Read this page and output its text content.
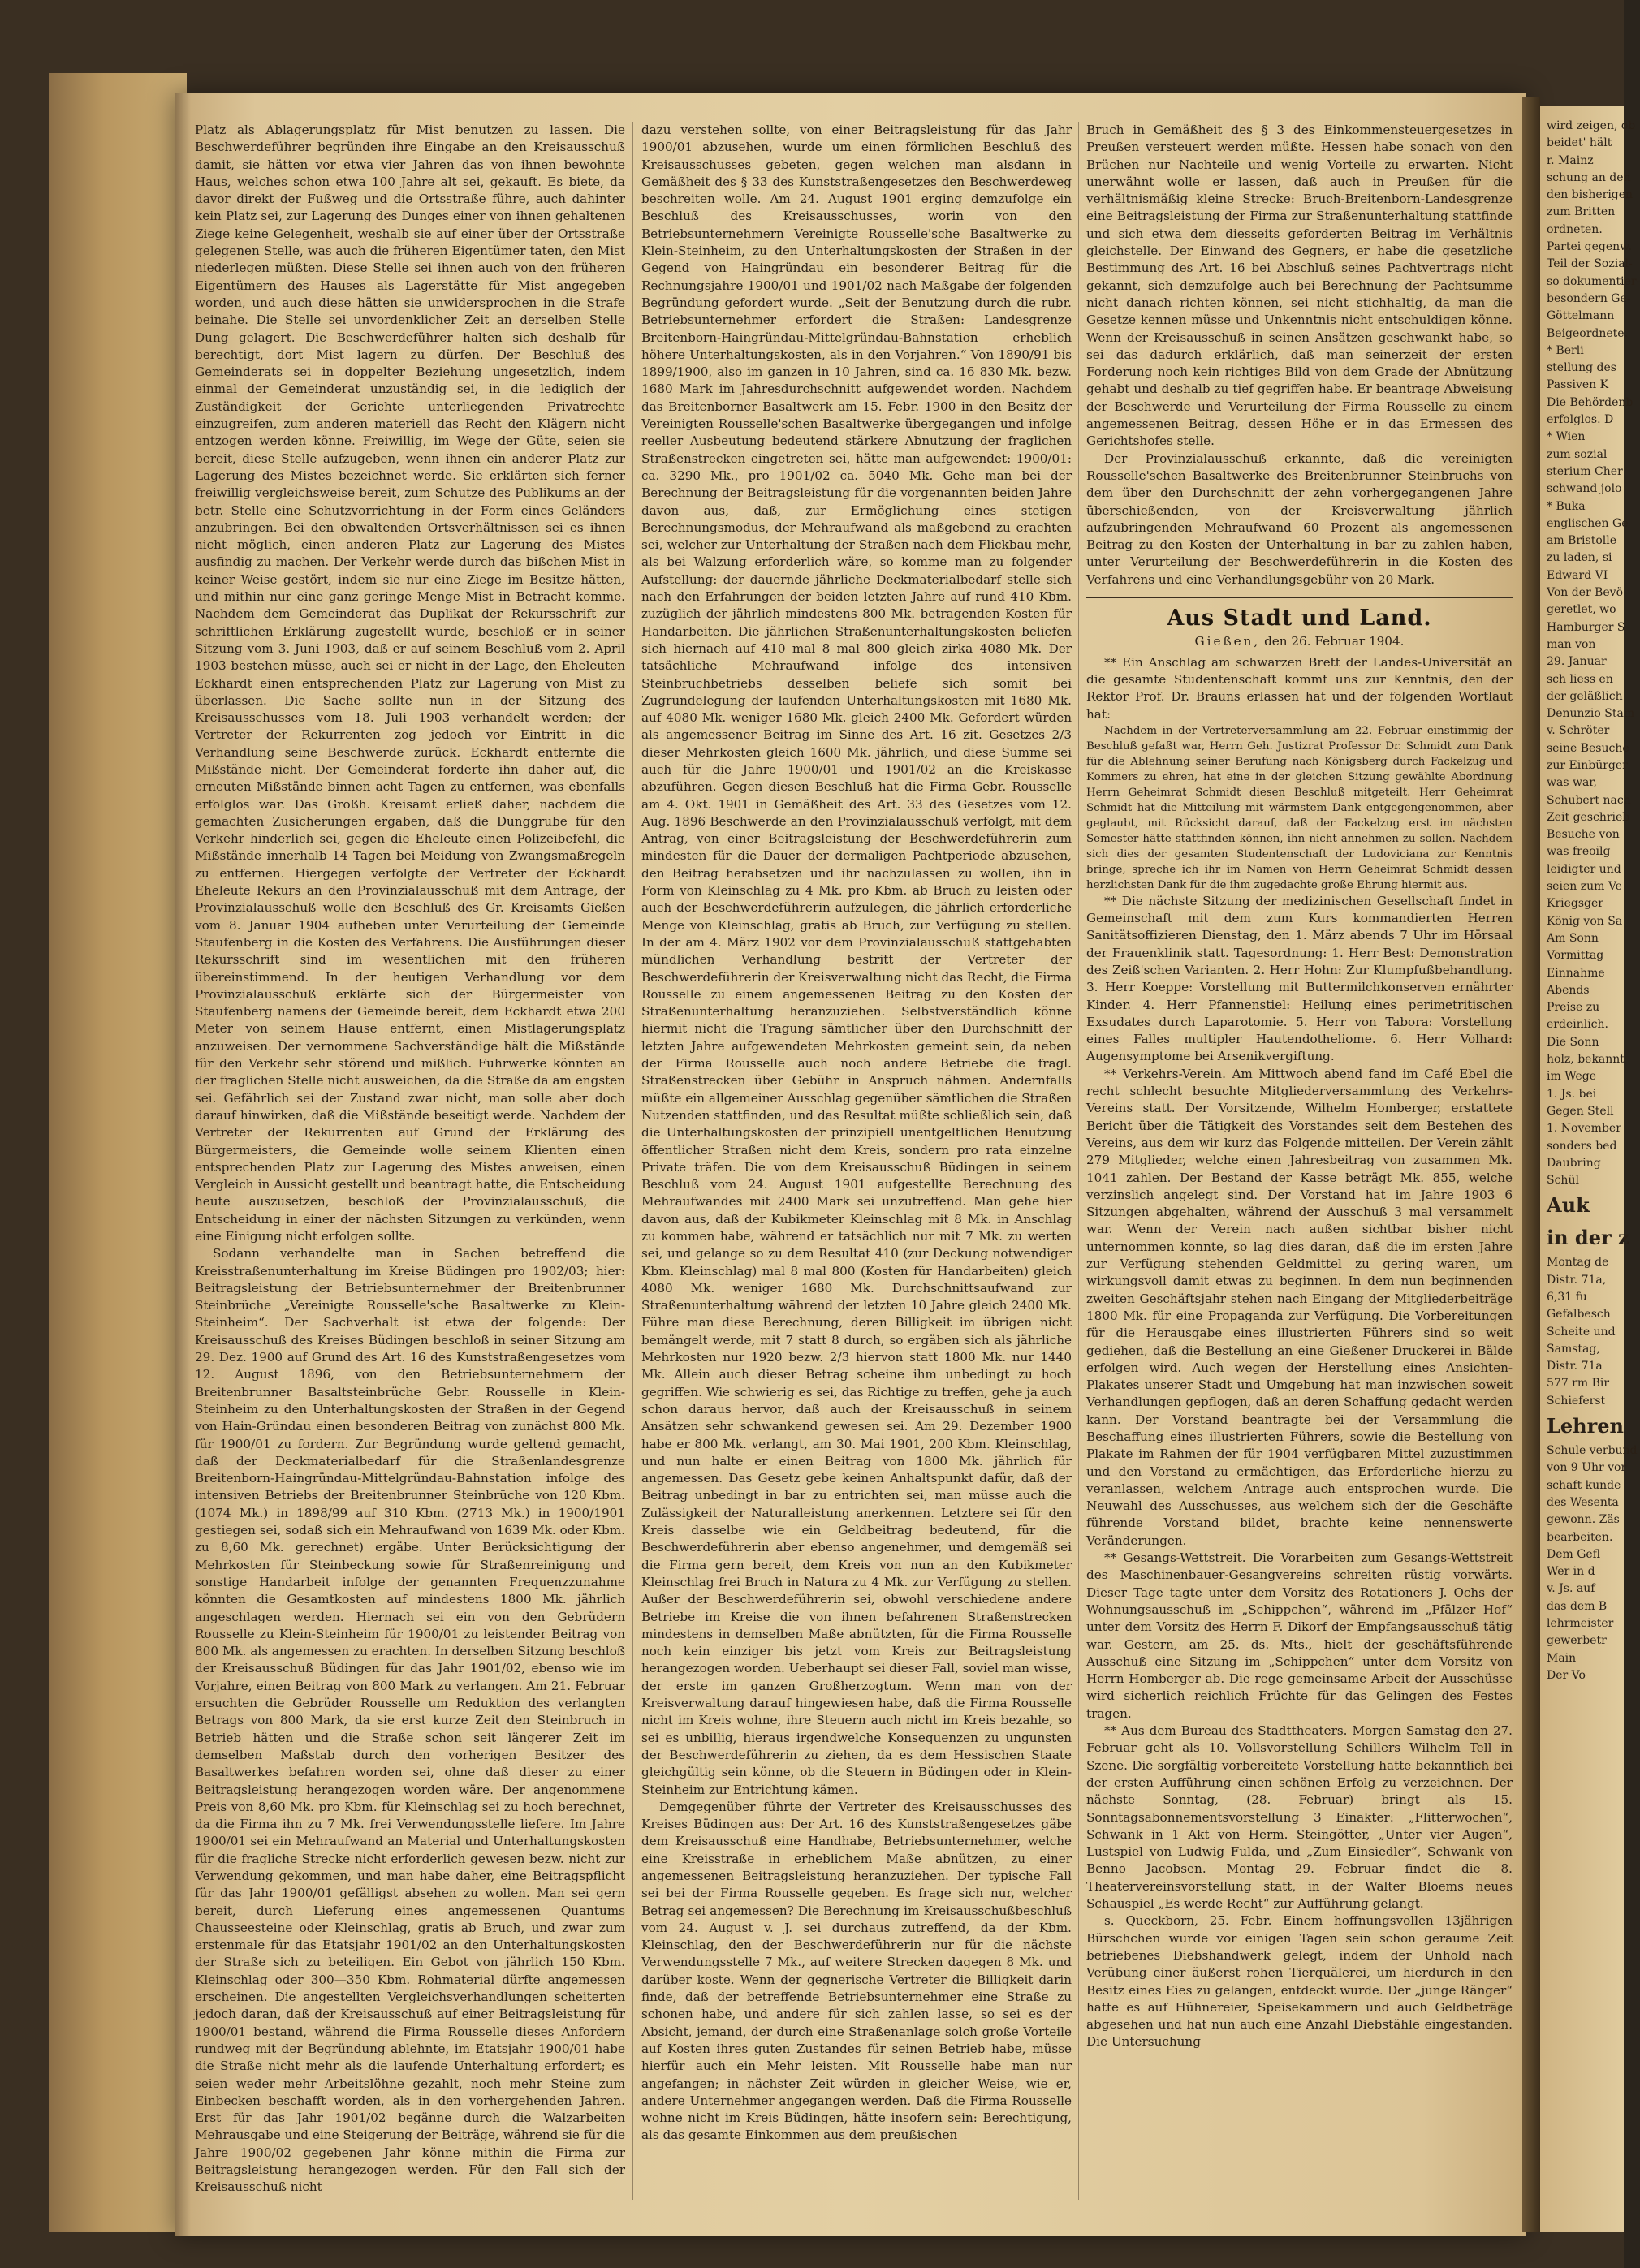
Platz als Ablagerungsplatz für Mist benutzen zu lassen. Die Beschwerdeführer begründen ihre Eingabe an den Kreisausschuß damit, sie hätten vor etwa vier Jahren das von ihnen bewohnte Haus, welches schon etwa 100 Jahre alt sei, gekauft. Es biete, da davor direkt der Fußweg und die Ortsstraße führe, auch dahinter kein Platz sei, zur Lagerung des Dunges einer von ihnen gehaltenen Ziege keine Gelegenheit, weshalb sie auf einer über der Ortsstraße gelegenen Stelle, was auch die früheren Eigentümer taten, den Mist niederlegen müßten. Diese Stelle sei ihnen auch von den früheren Eigentümern des Hauses als Lagerstätte für Mist angegeben worden, und auch diese hätten sie unwidersprochen in die Strafe beinahe. Die Stelle sei unvordenklicher Zeit an derselben Stelle Dung gelagert. Die Beschwerdeführer halten sich deshalb für berechtigt, dort Mist lagern zu dürfen. Der Beschluß des Gemeinderats sei in doppelter Beziehung ungesetzlich, indem einmal der Gemeinderat unzuständig sei, in die lediglich der Zuständigkeit der Gerichte unterliegenden Privatrechte einzugreifen, zum anderen materiell das Recht den Klägern nicht entzogen werden könne. Freiwillig, im Wege der Güte, seien sie bereit, diese Stelle aufzugeben, wenn ihnen ein anderer Platz zur Lagerung des Mistes bezeichnet werde. Sie erklärten sich ferner freiwillig vergleichsweise bereit, zum Schutze des Publikums an der betr. Stelle eine Schutzvorrichtung in der Form eines Geländers anzubringen. Bei den obwaltenden Ortsverhältnissen sei es ihnen nicht möglich, einen anderen Platz zur Lagerung des Mistes ausfindig zu machen. Der Verkehr werde durch das bißchen Mist in keiner Weise gestört, indem sie nur eine Ziege im Besitze hätten, und mithin nur eine ganz geringe Menge Mist in Betracht komme. Nachdem dem Gemeinderat das Duplikat der Rekursschrift zur schriftlichen Erklärung zugestellt wurde, beschloß er in seiner Sitzung vom 3. Juni 1903, daß er auf seinem Beschluß vom 2. April 1903 bestehen müsse, auch sei er nicht in der Lage, den Eheleuten Eckhardt einen entsprechenden Platz zur Lagerung von Mist zu überlassen. Die Sache sollte nun in der Sitzung des Kreisausschusses vom 18. Juli 1903 verhandelt werden; der Vertreter der Rekurrenten zog jedoch vor Eintritt in die Verhandlung seine Beschwerde zurück. Eckhardt entfernte die Mißstände nicht. Der Gemeinderat forderte ihn daher auf, die erneuten Mißstände binnen acht Tagen zu entfernen, was ebenfalls erfolglos war. Das Großh. Kreisamt erließ daher, nachdem die gemachten Zusicherungen ergaben, daß die Dunggrube für den Verkehr hinderlich sei, gegen die Eheleute einen Polizeibefehl, die Mißstände innerhalb 14 Tagen bei Meidung von Zwangsmaßregeln zu entfernen. Hiergegen verfolgte der Vertreter der Eckhardt Eheleute Rekurs an den Provinzialausschuß mit dem Antrage, der Provinzialausschuß wolle den Beschluß des Gr. Kreisamts Gießen vom 8. Januar 1904 aufheben unter Verurteilung der Gemeinde Staufenberg in die Kosten des Verfahrens. Die Ausführungen dieser Rekursschrift sind im wesentlichen mit den früheren übereinstimmend. In der heutigen Verhandlung vor dem Provinzialausschuß erklärte sich der Bürgermeister von Staufenberg namens der Gemeinde bereit, dem Eckhardt etwa 200 Meter von seinem Hause entfernt, einen Mistlagerungsplatz anzuweisen. Der vernommene Sachverständige hält die Mißstände für den Verkehr sehr störend und mißlich. Fuhrwerke könnten an der fraglichen Stelle nicht ausweichen, da die Straße da am engsten sei. Gefährlich sei der Zustand zwar nicht, man solle aber doch darauf hinwirken, daß die Mißstände beseitigt werde. Nachdem der Vertreter der Rekurrenten auf Grund der Erklärung des Bürgermeisters, die Gemeinde wolle seinem Klienten einen entsprechenden Platz zur Lagerung des Mistes anweisen, einen Vergleich in Aussicht gestellt und beantragt hatte, die Entscheidung heute auszusetzen, beschloß der Provinzialausschuß, die Entscheidung in einer der nächsten Sitzungen zu verkünden, wenn eine Einigung nicht erfolgen sollte.

Sodann verhandelte man in Sachen betreffend die Kreisstraßenunterhaltung im Kreise Büdingen pro 1902/03; hier: Beitragsleistung der Betriebsunternehmer der Breitenbrunner Steinbrüche „Vereinigte Rousselle'sche Basaltwerke zu Klein-Steinheim“. Der Sachverhalt ist etwa der folgende: Der Kreisausschuß des Kreises Büdingen beschloß in seiner Sitzung am 29. Dez. 1900 auf Grund des Art. 16 des Kunststraßengesetzes vom 12. August 1896, von den Betriebsunternehmern der Breitenbrunner Basaltsteinbrüche Gebr. Rousselle in Klein-Steinheim zu den Unterhaltungskosten der Straßen in der Gegend von Hain-Gründau einen besonderen Beitrag von zunächst 800 Mk. für 1900/01 zu fordern. Zur Begründung wurde geltend gemacht, daß der Deckmaterialbedarf für die Straßenlandesgrenze Breitenborn-Haingründau-Mittelgründau-Bahnstation infolge des intensiven Betriebs der Breitenbrunner Steinbrüche von 120 Kbm. (1074 Mk.) in 1898/99 auf 310 Kbm. (2713 Mk.) in 1900/1901 gestiegen sei, sodaß sich ein Mehraufwand von 1639 Mk. oder Kbm. zu 8,60 Mk. gerechnet) ergäbe. Unter Berücksichtigung der Mehrkosten für Steinbeckung sowie für Straßenreinigung und sonstige Handarbeit infolge der genannten Frequenzzunahme könnten die Gesamtkosten auf mindestens 1800 Mk. jährlich angeschlagen werden. Hiernach sei ein von den Gebrüdern Rousselle zu Klein-Steinheim für 1900/01 zu leistender Beitrag von 800 Mk. als angemessen zu erachten. In derselben Sitzung beschloß der Kreisausschuß Büdingen für das Jahr 1901/02, ebenso wie im Vorjahre, einen Beitrag von 800 Mark zu verlangen. Am 21. Februar ersuchten die Gebrüder Rousselle um Reduktion des verlangten Betrags von 800 Mark, da sie erst kurze Zeit den Steinbruch in Betrieb hätten und die Straße schon seit längerer Zeit im demselben Maßstab durch den vorherigen Besitzer des Basaltwerkes befahren worden sei, ohne daß dieser zu einer Beitragsleistung herangezogen worden wäre. Der angenommene Preis von 8,60 Mk. pro Kbm. für Kleinschlag sei zu hoch berechnet, da die Firma ihn zu 7 Mk. frei Verwendungsstelle liefere. Im Jahre 1900/01 sei ein Mehraufwand an Material und Unterhaltungskosten für die fragliche Strecke nicht erforderlich gewesen bezw. nicht zur Verwendung gekommen, und man habe daher, eine Beitragspflicht für das Jahr 1900/01 gefälligst absehen zu wollen. Man sei gern bereit, durch Lieferung eines angemessenen Quantums Chausseesteine oder Kleinschlag, gratis ab Bruch, und zwar zum erstenmale für das Etatsjahr 1901/02 an den Unterhaltungskosten der Straße sich zu beteiligen. Ein Gebot von jährlich 150 Kbm. Kleinschlag oder 300—350 Kbm. Rohmaterial dürfte angemessen erscheinen. Die angestellten Vergleichsverhandlungen scheiterten jedoch daran, daß der Kreisausschuß auf einer Beitragsleistung für 1900/01 bestand, während die Firma Rousselle dieses Anfordern rundweg mit der Begründung ablehnte, im Etatsjahr 1900/01 habe die Straße nicht mehr als die laufende Unterhaltung erfordert; es seien weder mehr Arbeitslöhne gezahlt, noch mehr Steine zum Einbecken beschafft worden, als in den vorhergehenden Jahren. Erst für das Jahr 1901/02 begänne durch die Walzarbeiten Mehrausgabe und eine Steigerung der Beiträge, während sie für die Jahre 1900/02 gegebenen Jahr könne mithin die Firma zur Beitragsleistung herangezogen werden. Für den Fall sich der Kreisausschuß nicht

dazu verstehen sollte, von einer Beitragsleistung für das Jahr 1900/01 abzusehen, wurde um einen förmlichen Beschluß des Kreisausschusses gebeten, gegen welchen man alsdann in Gemäßheit des § 33 des Kunststraßengesetzes den Beschwerdeweg beschreiten wolle. Am 24. August 1901 erging demzufolge ein Beschluß des Kreisausschusses, worin von den Betriebsunternehmern Vereinigte Rousselle'sche Basaltwerke zu Klein-Steinheim, zu den Unterhaltungskosten der Straßen in der Gegend von Haingründau ein besonderer Beitrag für die Rechnungsjahre 1900/01 und 1901/02 nach Maßgabe der folgenden Begründung gefordert wurde. „Seit der Benutzung durch die rubr. Betriebsunternehmer erfordert die Straßen: Landesgrenze Breitenborn-Haingründau-Mittelgründau-Bahnstation erheblich höhere Unterhaltungskosten, als in den Vorjahren.“ Von 1890/91 bis 1899/1900, also im ganzen in 10 Jahren, sind ca. 16 830 Mk. bezw. 1680 Mark im Jahresdurchschnitt aufgewendet worden. Nachdem das Breitenborner Basaltwerk am 15. Febr. 1900 in den Besitz der Vereinigten Rousselle'schen Basaltwerke übergegangen und infolge reeller Ausbeutung bedeutend stärkere Abnutzung der fraglichen Straßenstrecken eingetreten sei, hätte man aufgewendet: 1900/01: ca. 3290 Mk., pro 1901/02 ca. 5040 Mk. Gehe man bei der Berechnung der Beitragsleistung für die vorgenannten beiden Jahre davon aus, daß, zur Ermöglichung eines stetigen Berechnungsmodus, der Mehraufwand als maßgebend zu erachten sei, welcher zur Unterhaltung der Straßen nach dem Flickbau mehr, als bei Walzung erforderlich wäre, so komme man zu folgender Aufstellung: der dauernde jährliche Deckmaterialbedarf stelle sich nach den Erfahrungen der beiden letzten Jahre auf rund 410 Kbm. zuzüglich der jährlich mindestens 800 Mk. betragenden Kosten für Handarbeiten. Die jährlichen Straßenunterhaltungskosten beliefen sich hiernach auf 410 mal 8 mal 800 gleich zirka 4080 Mk. Der tatsächliche Mehraufwand infolge des intensiven Steinbruchbetriebs desselben beliefe sich somit bei Zugrundelegung der laufenden Unterhaltungskosten mit 1680 Mk. auf 4080 Mk. weniger 1680 Mk. gleich 2400 Mk. Gefordert würden als angemessener Beitrag im Sinne des Art. 16 zit. Gesetzes 2/3 dieser Mehrkosten gleich 1600 Mk. jährlich, und diese Summe sei auch für die Jahre 1900/01 und 1901/02 an die Kreiskasse abzuführen. Gegen diesen Beschluß hat die Firma Gebr. Rousselle am 4. Okt. 1901 in Gemäßheit des Art. 33 des Gesetzes vom 12. Aug. 1896 Beschwerde an den Provinzialausschuß verfolgt, mit dem Antrag, von einer Beitragsleistung der Beschwerdeführerin zum mindesten für die Dauer der dermaligen Pachtperiode abzusehen, den Beitrag herabsetzen und ihr nachzulassen zu wollen, ihn in Form von Kleinschlag zu 4 Mk. pro Kbm. ab Bruch zu leisten oder auch der Beschwerdeführerin aufzulegen, die jährlich erforderliche Menge von Kleinschlag, gratis ab Bruch, zur Verfügung zu stellen. In der am 4. März 1902 vor dem Provinzialausschuß stattgehabten mündlichen Verhandlung bestritt der Vertreter der Beschwerdeführerin der Kreisverwaltung nicht das Recht, die Firma Rousselle zu einem angemessenen Beitrag zu den Kosten der Straßenunterhaltung heranzuziehen. Selbstverständlich könne hiermit nicht die Tragung sämtlicher über den Durchschnitt der letzten Jahre aufgewendeten Mehrkosten gemeint sein, da neben der Firma Rousselle auch noch andere Betriebe die fragl. Straßenstrecken über Gebühr in Anspruch nähmen. Andernfalls müßte ein allgemeiner Ausschlag gegenüber sämtlichen die Straßen Nutzenden stattfinden, und das Resultat müßte schließlich sein, daß die Unterhaltungskosten der prinzipiell unentgeltlichen Benutzung öffentlicher Straßen nicht dem Kreis, sondern pro rata einzelne Private träfen. Die von dem Kreisausschuß Büdingen in seinem Beschluß vom 24. August 1901 aufgestellte Berechnung des Mehraufwandes mit 2400 Mark sei unzutreffend. Man gehe hier davon aus, daß der Kubikmeter Kleinschlag mit 8 Mk. in Anschlag zu kommen habe, während er tatsächlich nur mit 7 Mk. zu werten sei, und gelange so zu dem Resultat 410 (zur Deckung notwendiger Kbm. Kleinschlag) mal 8 mal 800 (Kosten für Handarbeiten) gleich 4080 Mk. weniger 1680 Mk. Durchschnittsaufwand zur Straßenunterhaltung während der letzten 10 Jahre gleich 2400 Mk. Führe man diese Berechnung, deren Billigkeit im übrigen nicht bemängelt werde, mit 7 statt 8 durch, so ergäben sich als jährliche Mehrkosten nur 1920 bezw. 2/3 hiervon statt 1800 Mk. nur 1440 Mk. Allein auch dieser Betrag scheine ihm unbedingt zu hoch gegriffen. Wie schwierig es sei, das Richtige zu treffen, gehe ja auch schon daraus hervor, daß auch der Kreisausschuß in seinem Ansätzen sehr schwankend gewesen sei. Am 29. Dezember 1900 habe er 800 Mk. verlangt, am 30. Mai 1901, 200 Kbm. Kleinschlag, und nun halte er einen Beitrag von 1800 Mk. jährlich für angemessen. Das Gesetz gebe keinen Anhaltspunkt dafür, daß der Beitrag unbedingt in bar zu entrichten sei, man müsse auch die Zulässigkeit der Naturalleistung anerkennen. Letztere sei für den Kreis dasselbe wie ein Geldbeitrag bedeutend, für die Beschwerdeführerin aber ebenso angenehmer, und demgemäß sei die Firma gern bereit, dem Kreis von nun an den Kubikmeter Kleinschlag frei Bruch in Natura zu 4 Mk. zur Verfügung zu stellen. Außer der Beschwerdeführerin sei, obwohl verschiedene andere Betriebe im Kreise die von ihnen befahrenen Straßenstrecken mindestens in demselben Maße abnützten, für die Firma Rousselle noch kein einziger bis jetzt vom Kreis zur Beitragsleistung herangezogen worden. Ueberhaupt sei dieser Fall, soviel man wisse, der erste im ganzen Großherzogtum. Wenn man von der Kreisverwaltung darauf hingewiesen habe, daß die Firma Rousselle nicht im Kreis wohne, ihre Steuern auch nicht im Kreis bezahle, so sei es unbillig, hieraus irgendwelche Konsequenzen zu ungunsten der Beschwerdeführerin zu ziehen, da es dem Hessischen Staate gleichgültig sein könne, ob die Steuern in Büdingen oder in Klein-Steinheim zur Entrichtung kämen.

Demgegenüber führte der Vertreter des Kreisausschusses des Kreises Büdingen aus: Der Art. 16 des Kunststraßengesetzes gäbe dem Kreisausschuß eine Handhabe, Betriebsunternehmer, welche eine Kreisstraße in erheblichem Maße abnützen, zu einer angemessenen Beitragsleistung heranzuziehen. Der typische Fall sei bei der Firma Rousselle gegeben. Es frage sich nur, welcher Betrag sei angemessen? Die Berechnung im Kreisausschußbeschluß vom 24. August v. J. sei durchaus zutreffend, da der Kbm. Kleinschlag, den der Beschwerdeführerin nur für die nächste Verwendungsstelle 7 Mk., auf weitere Strecken dagegen 8 Mk. und darüber koste. Wenn der gegnerische Vertreter die Billigkeit darin finde, daß der betreffende Betriebsunternehmer eine Straße zu schonen habe, und andere für sich zahlen lasse, so sei es der Absicht, jemand, der durch eine Straßenanlage solch große Vorteile auf Kosten ihres guten Zustandes für seinen Betrieb habe, müsse hierfür auch ein Mehr leisten. Mit Rousselle habe man nur angefangen; in nächster Zeit würden in gleicher Weise, wie er, andere Unternehmer angegangen werden. Daß die Firma Rousselle wohne nicht im Kreis Büdingen, hätte insofern sein: Berechtigung, als das gesamte Einkommen aus dem preußischen

Bruch in Gemäßheit des § 3 des Einkommensteuergesetzes in Preußen versteuert werden müßte. Hessen habe sonach von den Brüchen nur Nachteile und wenig Vorteile zu erwarten. Nicht unerwähnt wolle er lassen, daß auch in Preußen für die verhältnismäßig kleine Strecke: Bruch-Breitenborn-Landesgrenze eine Beitragsleistung der Firma zur Straßenunterhaltung stattfinde und sich etwa dem diesseits geforderten Beitrag im Verhältnis gleichstelle. Der Einwand des Gegners, er habe die gesetzliche Bestimmung des Art. 16 bei Abschluß seines Pachtvertrags nicht gekannt, sich demzufolge auch bei Berechnung der Pachtsumme nicht danach richten können, sei nicht stichhaltig, da man die Gesetze kennen müsse und Unkenntnis nicht entschuldigen könne. Wenn der Kreisausschuß in seinen Ansätzen geschwankt habe, so sei das dadurch erklärlich, daß man seinerzeit der ersten Forderung noch kein richtiges Bild von dem Grade der Abnützung gehabt und deshalb zu tief gegriffen habe. Er beantrage Abweisung der Beschwerde und Verurteilung der Firma Rousselle zu einem angemessenen Beitrag, dessen Höhe er in das Ermessen des Gerichtshofes stelle.

Der Provinzialausschuß erkannte, daß die vereinigten Rousselle'schen Basaltwerke des Breitenbrunner Steinbruchs von dem über den Durchschnitt der zehn vorhergegangenen Jahre überschießenden, von der Kreisverwaltung jährlich aufzubringenden Mehraufwand 60 Prozent als angemessenen Beitrag zu den Kosten der Unterhaltung in bar zu zahlen haben, unter Verurteilung der Beschwerdeführerin in die Kosten des Verfahrens und eine Verhandlungsgebühr von 20 Mark.

Aus Stadt und Land.
Gießen, den 26. Februar 1904.

** Ein Anschlag am schwarzen Brett der Landes-Universität an die gesamte Studentenschaft kommt uns zur Kenntnis, den der Rektor Prof. Dr. Brauns erlassen hat und der folgenden Wortlaut hat:

Nachdem in der Vertreterversammlung am 22. Februar einstimmig der Beschluß gefaßt war, Herrn Geh. Justizrat Professor Dr. Schmidt zum Dank für die Ablehnung seiner Berufung nach Königsberg durch Fackelzug und Kommers zu ehren, hat eine in der gleichen Sitzung gewählte Abordnung Herrn Geheimrat Schmidt diesen Beschluß mitgeteilt. Herr Geheimrat Schmidt hat die Mitteilung mit wärmstem Dank entgegengenommen, aber geglaubt, mit Rücksicht darauf, daß der Fackelzug erst im nächsten Semester hätte stattfinden können, ihn nicht annehmen zu sollen. Nachdem sich dies der gesamten Studentenschaft der Ludoviciana zur Kenntnis bringe, spreche ich ihr im Namen von Herrn Geheimrat Schmidt dessen herzlichsten Dank für die ihm zugedachte große Ehrung hiermit aus.

** Die nächste Sitzung der medizinischen Gesellschaft findet in Gemeinschaft mit dem zum Kurs kommandierten Herren Sanitätsoffizieren Dienstag, den 1. März abends 7 Uhr im Hörsaal der Frauenklinik statt. Tagesordnung: 1. Herr Best: Demonstration des Zeiß'schen Varianten. 2. Herr Hohn: Zur Klumpfußbehandlung. 3. Herr Koeppe: Vorstellung mit Buttermilchkonserven ernährter Kinder. 4. Herr Pfannenstiel: Heilung eines perimetritischen Exsudates durch Laparotomie. 5. Herr von Tabora: Vorstellung eines Falles multipler Hautendotheliome. 6. Herr Volhard: Augensymptome bei Arsenikvergiftung.

** Verkehrs-Verein. Am Mittwoch abend fand im Café Ebel die recht schlecht besuchte Mitgliederversammlung des Verkehrs-Vereins statt. Der Vorsitzende, Wilhelm Homberger, erstattete Bericht über die Tätigkeit des Vorstandes seit dem Bestehen des Vereins, aus dem wir kurz das Folgende mitteilen. Der Verein zählt 279 Mitglieder, welche einen Jahresbeitrag von zusammen Mk. 1041 zahlen. Der Bestand der Kasse beträgt Mk. 855, welche verzinslich angelegt sind. Der Vorstand hat im Jahre 1903 6 Sitzungen abgehalten, während der Ausschuß 3 mal versammelt war. Wenn der Verein nach außen sichtbar bisher nicht unternommen konnte, so lag dies daran, daß die im ersten Jahre zur Verfügung stehenden Geldmittel zu gering waren, um wirkungsvoll damit etwas zu beginnen. In dem nun beginnenden zweiten Geschäftsjahr stehen nach Eingang der Mitgliederbeiträge 1800 Mk. für eine Propaganda zur Verfügung. Die Vorbereitungen für die Herausgabe eines illustrierten Führers sind so weit gediehen, daß die Bestellung an eine Gießener Druckerei in Bälde erfolgen wird. Auch wegen der Herstellung eines Ansichten-Plakates unserer Stadt und Umgebung hat man inzwischen soweit Verhandlungen gepflogen, daß an deren Schaffung gedacht werden kann. Der Vorstand beantragte bei der Versammlung die Beschaffung eines illustrierten Führers, sowie die Bestellung von Plakate im Rahmen der für 1904 verfügbaren Mittel zuzustimmen und den Vorstand zu ermächtigen, das Erforderliche hierzu zu veranlassen, welchem Antrage auch entsprochen wurde. Die Neuwahl des Ausschusses, aus welchem sich der die Geschäfte führende Vorstand bildet, brachte keine nennenswerte Veränderungen.

** Gesangs-Wettstreit. Die Vorarbeiten zum Gesangs-Wettstreit des Maschinenbauer-Gesangvereins schreiten rüstig vorwärts. Dieser Tage tagte unter dem Vorsitz des Rotationers J. Ochs der Wohnungsausschuß im „Schippchen“, während im „Pfälzer Hof“ unter dem Vorsitz des Herrn F. Dikorf der Empfangsausschuß tätig war. Gestern, am 25. ds. Mts., hielt der geschäftsführende Ausschuß eine Sitzung im „Schippchen“ unter dem Vorsitz von Herrn Homberger ab. Die rege gemeinsame Arbeit der Ausschüsse wird sicherlich reichlich Früchte für das Gelingen des Festes tragen.

** Aus dem Bureau des Stadttheaters. Morgen Samstag den 27. Februar geht als 10. Vollsvorstellung Schillers Wilhelm Tell in Szene. Die sorgfältig vorbereitete Vorstellung hatte bekanntlich bei der ersten Aufführung einen schönen Erfolg zu verzeichnen. Der nächste Sonntag, (28. Februar) bringt als 15. Sonntagsabonnementsvorstellung 3 Einakter: „Flitterwochen“, Schwank in 1 Akt von Herm. Steingötter, „Unter vier Augen“, Lustspiel von Ludwig Fulda, und „Zum Einsiedler“, Schwank von Benno Jacobsen. Montag 29. Februar findet die 8. Theatervereinsvorstellung statt, in der Walter Bloems neues Schauspiel „Es werde Recht“ zur Aufführung gelangt.

s. Queckborn, 25. Febr. Einem hoffnungsvollen 13jährigen Bürschchen wurde vor einigen Tagen sein schon geraume Zeit betriebenes Diebshandwerk gelegt, indem der Unhold nach Verübung einer äußerst rohen Tierquälerei, um hierdurch in den Besitz eines Eies zu gelangen, entdeckt wurde. Der „junge Ränger“ hatte es auf Hühnereier, Speisekammern und auch Geldbeträge abgesehen und hat nun auch eine Anzahl Diebstähle eingestanden. Die Untersuchung

wird zeigen, ob
beidet' hält
r. Mainz
schung an den
den bisherigen
zum Britten
ordneten.
Partei gegenw.
Teil der Sozial-
so dokumentier-
besondern Ge-
Göttelmann
Beigeordnete.
* Berli
stellung des
Passiven K
Die Behördenb
erfolglos. D
* Wien
zum sozial
sterium Cher
schwand jolo
* Buka
englischen Ge
am Bristolle
zu laden, si
Edward VI
Von der Bevö
geretlet, wo
Hamburger S
man von
29. Januar
sch liess en
der geläßlich
Denunzio Stam
v. Schröter
seine Besuche
zur Einbürger
was war,
Schubert nach
Zeit geschrieb
Besuche von
was freoilg
leidigter und
seien zum Ve
Kriegsger
König von Sa
Am Sonn
Vormittag
Einnahme
Abends
Preise zu
erdeinlich.
Die Sonn
holz, bekannt
im Wege
1. Js. bei
Gegen Stell
1. November
sonders bed
Daubring
Schül
Auk
in der z
Montag de
Distr. 71a,
6,31 fu
Gefalbesch
Scheite und
Samstag,
Distr. 71a
577 rm Bir
Schieferst
Lehren
Schule verbund
von 9 Uhr vor
schaft kunde
des Wesenta
gewonn. Zäs
bearbeiten.
Dem Gefl
Wer in d
v. Js. auf
das dem B
lehrmeister
gewerbetr
Main
Der Vo
